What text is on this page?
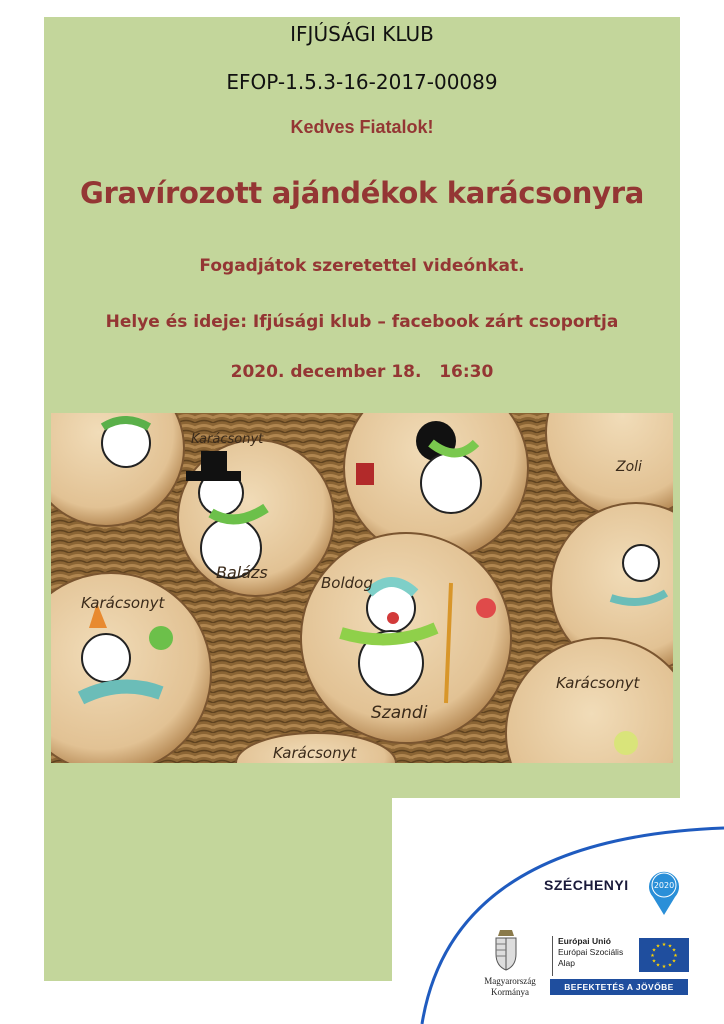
IFJÚSÁGI KLUB

EFOP-1.5.3-16-2017-00089

Kedves Fiatalok!

Gravírozott ajándékok karácsonyra

Fogadjátok szeretettel videónkat.

Helye és ideje: Ifjúsági klub – facebook zárt csoportja

2020. december 18.   16:30

Balázs
Karácsonyt
Zoli
Karácsonyt
Szandi
Boldog
Karácsonyt
Karácsonyt
SZÉCHENYI	2020
Magyarország
Kormánya
Európai Unió
Európai Szociális
Alap
★ ★
★
★
★
★
★
★
★
★
★
★
BEFEKTETÉS A JÖVŐBE
